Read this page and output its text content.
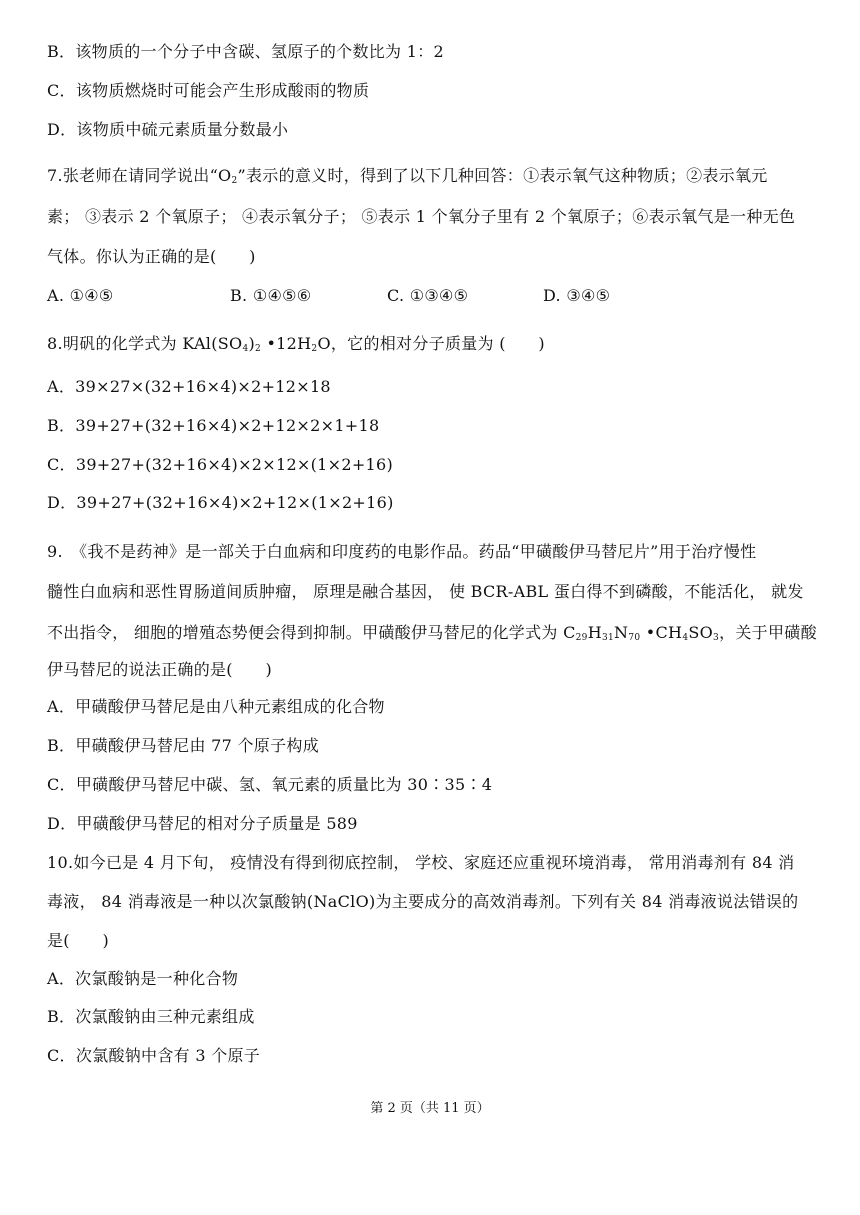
B．该物质的一个分子中含碳、氢原子的个数比为 1：2
C．该物质燃烧时可能会产生形成酸雨的物质
D．该物质中硫元素质量分数最小
7.张老师在请同学说出“$O_2$”表示的意义时，得到了以下几种回答：①表示氧气这种物质；②表示氧元
素； ③表示 2 个氧原子； ④表示氧分子； ⑤表示 1 个氧分子里有 2 个氧原子；⑥表示氧气是一种无色
气体。你认为正确的是(　　)
A. ①④⑤	B. ①④⑤⑥	C. ①③④⑤	D. ③④⑤
8.明矾的化学式为 $KAl(SO_4)_2$ $•12H_2O$，它的相对分子质量为 (　　)
A．39×27×(32+16×4)×2+12×18
B．39+27+(32+16×4)×2+12×2×1+18
C．39+27+(32+16×4)×2×12×(1×2+16)
D．39+27+(32+16×4)×2+12×(1×2+16)
9.　《我不是药神》是一部关于白血病和印度药的电影作品。药品“甲磺酸伊马替尼片”用于治疗慢性
髓性白血病和恶性胃肠道间质肿瘤， 原理是融合基因， 使 BCR-ABL 蛋白得不到磷酸，不能活化， 就发
不出指令， 细胞的增殖态势便会得到抑制。甲磺酸伊马替尼的化学式为 $C_{29}H_{31}N_{70}$ $•CH_4SO_3$，关于甲磺酸
伊马替尼的说法正确的是(　　)
A．甲磺酸伊马替尼是由八种元素组成的化合物
B．甲磺酸伊马替尼由 77 个原子构成
C．甲磺酸伊马替尼中碳、氢、氧元素的质量比为 30∶35∶4
D．甲磺酸伊马替尼的相对分子质量是 589
10.如今已是 4 月下旬， 疫情没有得到彻底控制， 学校、家庭还应重视环境消毒， 常用消毒剂有 84 消
毒液， 84 消毒液是一种以次氯酸钠(NaClO)为主要成分的高效消毒剂。下列有关 84 消毒液说法错误的
是(　　)
A．次氯酸钠是一种化合物
B．次氯酸钠由三种元素组成
C．次氯酸钠中含有 3 个原子
第 2 页（共 11 页）
